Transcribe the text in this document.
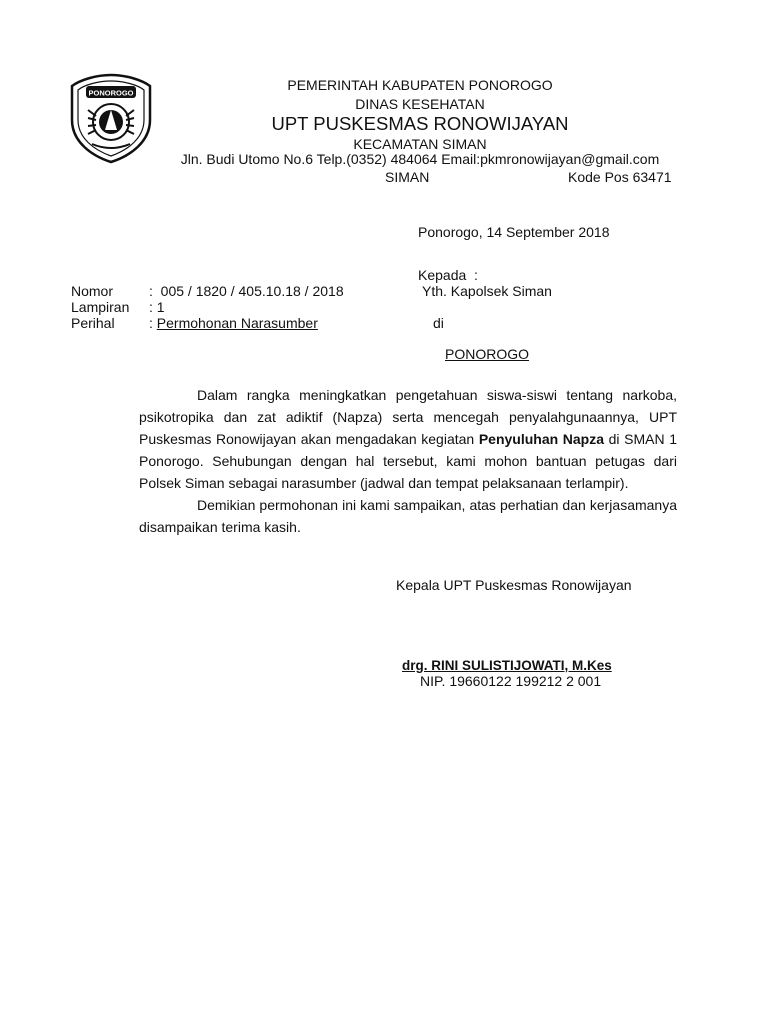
PONOROGO	PEMERINTAH KABUPATEN PONOROGO
DINAS KESEHATAN
UPT PUSKESMAS RONOWIJAYAN
KECAMATAN SIMAN
Jln. Budi Utomo No.6 Telp.(0352) 484064 Email:pkmronowijayan@gmail.com
SIMAN	Kode Pos 63471
Ponorogo, 14 September 2018
Kepada  :
Yth. Kapolsek Siman
di
PONOROGO
Nomor	:  005 / 1820 / 405.10.18 / 2018
Lampiran : 1
Perihal : Permohonan Narasumber

Dalam rangka meningkatkan pengetahuan siswa-siswi tentang narkoba, psikotropika dan zat adiktif (Napza) serta mencegah penyalahgunaannya, UPT Puskesmas Ronowijayan akan mengadakan kegiatan Penyuluhan Napza di SMAN 1 Ponorogo. Sehubungan dengan hal tersebut, kami mohon bantuan petugas dari Polsek Siman sebagai narasumber (jadwal dan tempat pelaksanaan terlampir).

Demikian permohonan ini kami sampaikan, atas perhatian dan kerjasamanya disampaikan terima kasih.

Kepala UPT Puskesmas Ronowijayan
drg. RINI SULISTIJOWATI, M.Kes
NIP. 19660122 199212 2 001
